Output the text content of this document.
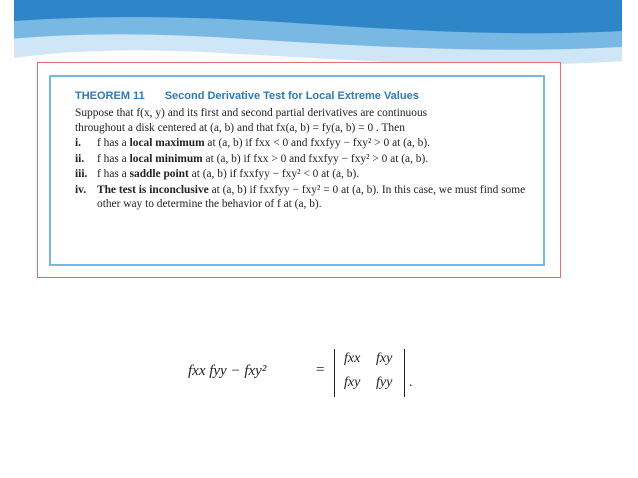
THEOREM 11 Second Derivative Test for Local Extreme Values
Suppose that f(x, y) and its first and second partial derivatives are continuous
throughout a disk centered at (a, b) and that fx(a, b) = fy(a, b) = 0 . Then
i. f has a local maximum at (a, b) if fxx < 0 and fxxfyy − fxy² > 0 at (a, b).
ii. f has a local minimum at (a, b) if fxx > 0 and fxxfyy − fxy² > 0 at (a, b).
iii. f has a saddle point at (a, b) if fxxfyy − fxy² < 0 at (a, b).
iv. The test is inconclusive at (a, b) if fxxfyy − fxy² = 0 at (a, b). In this case, we must find some other way to determine the behavior of f at (a, b).
fxx fyy − fxy²	=
fxx fxy
fxy fyy .
